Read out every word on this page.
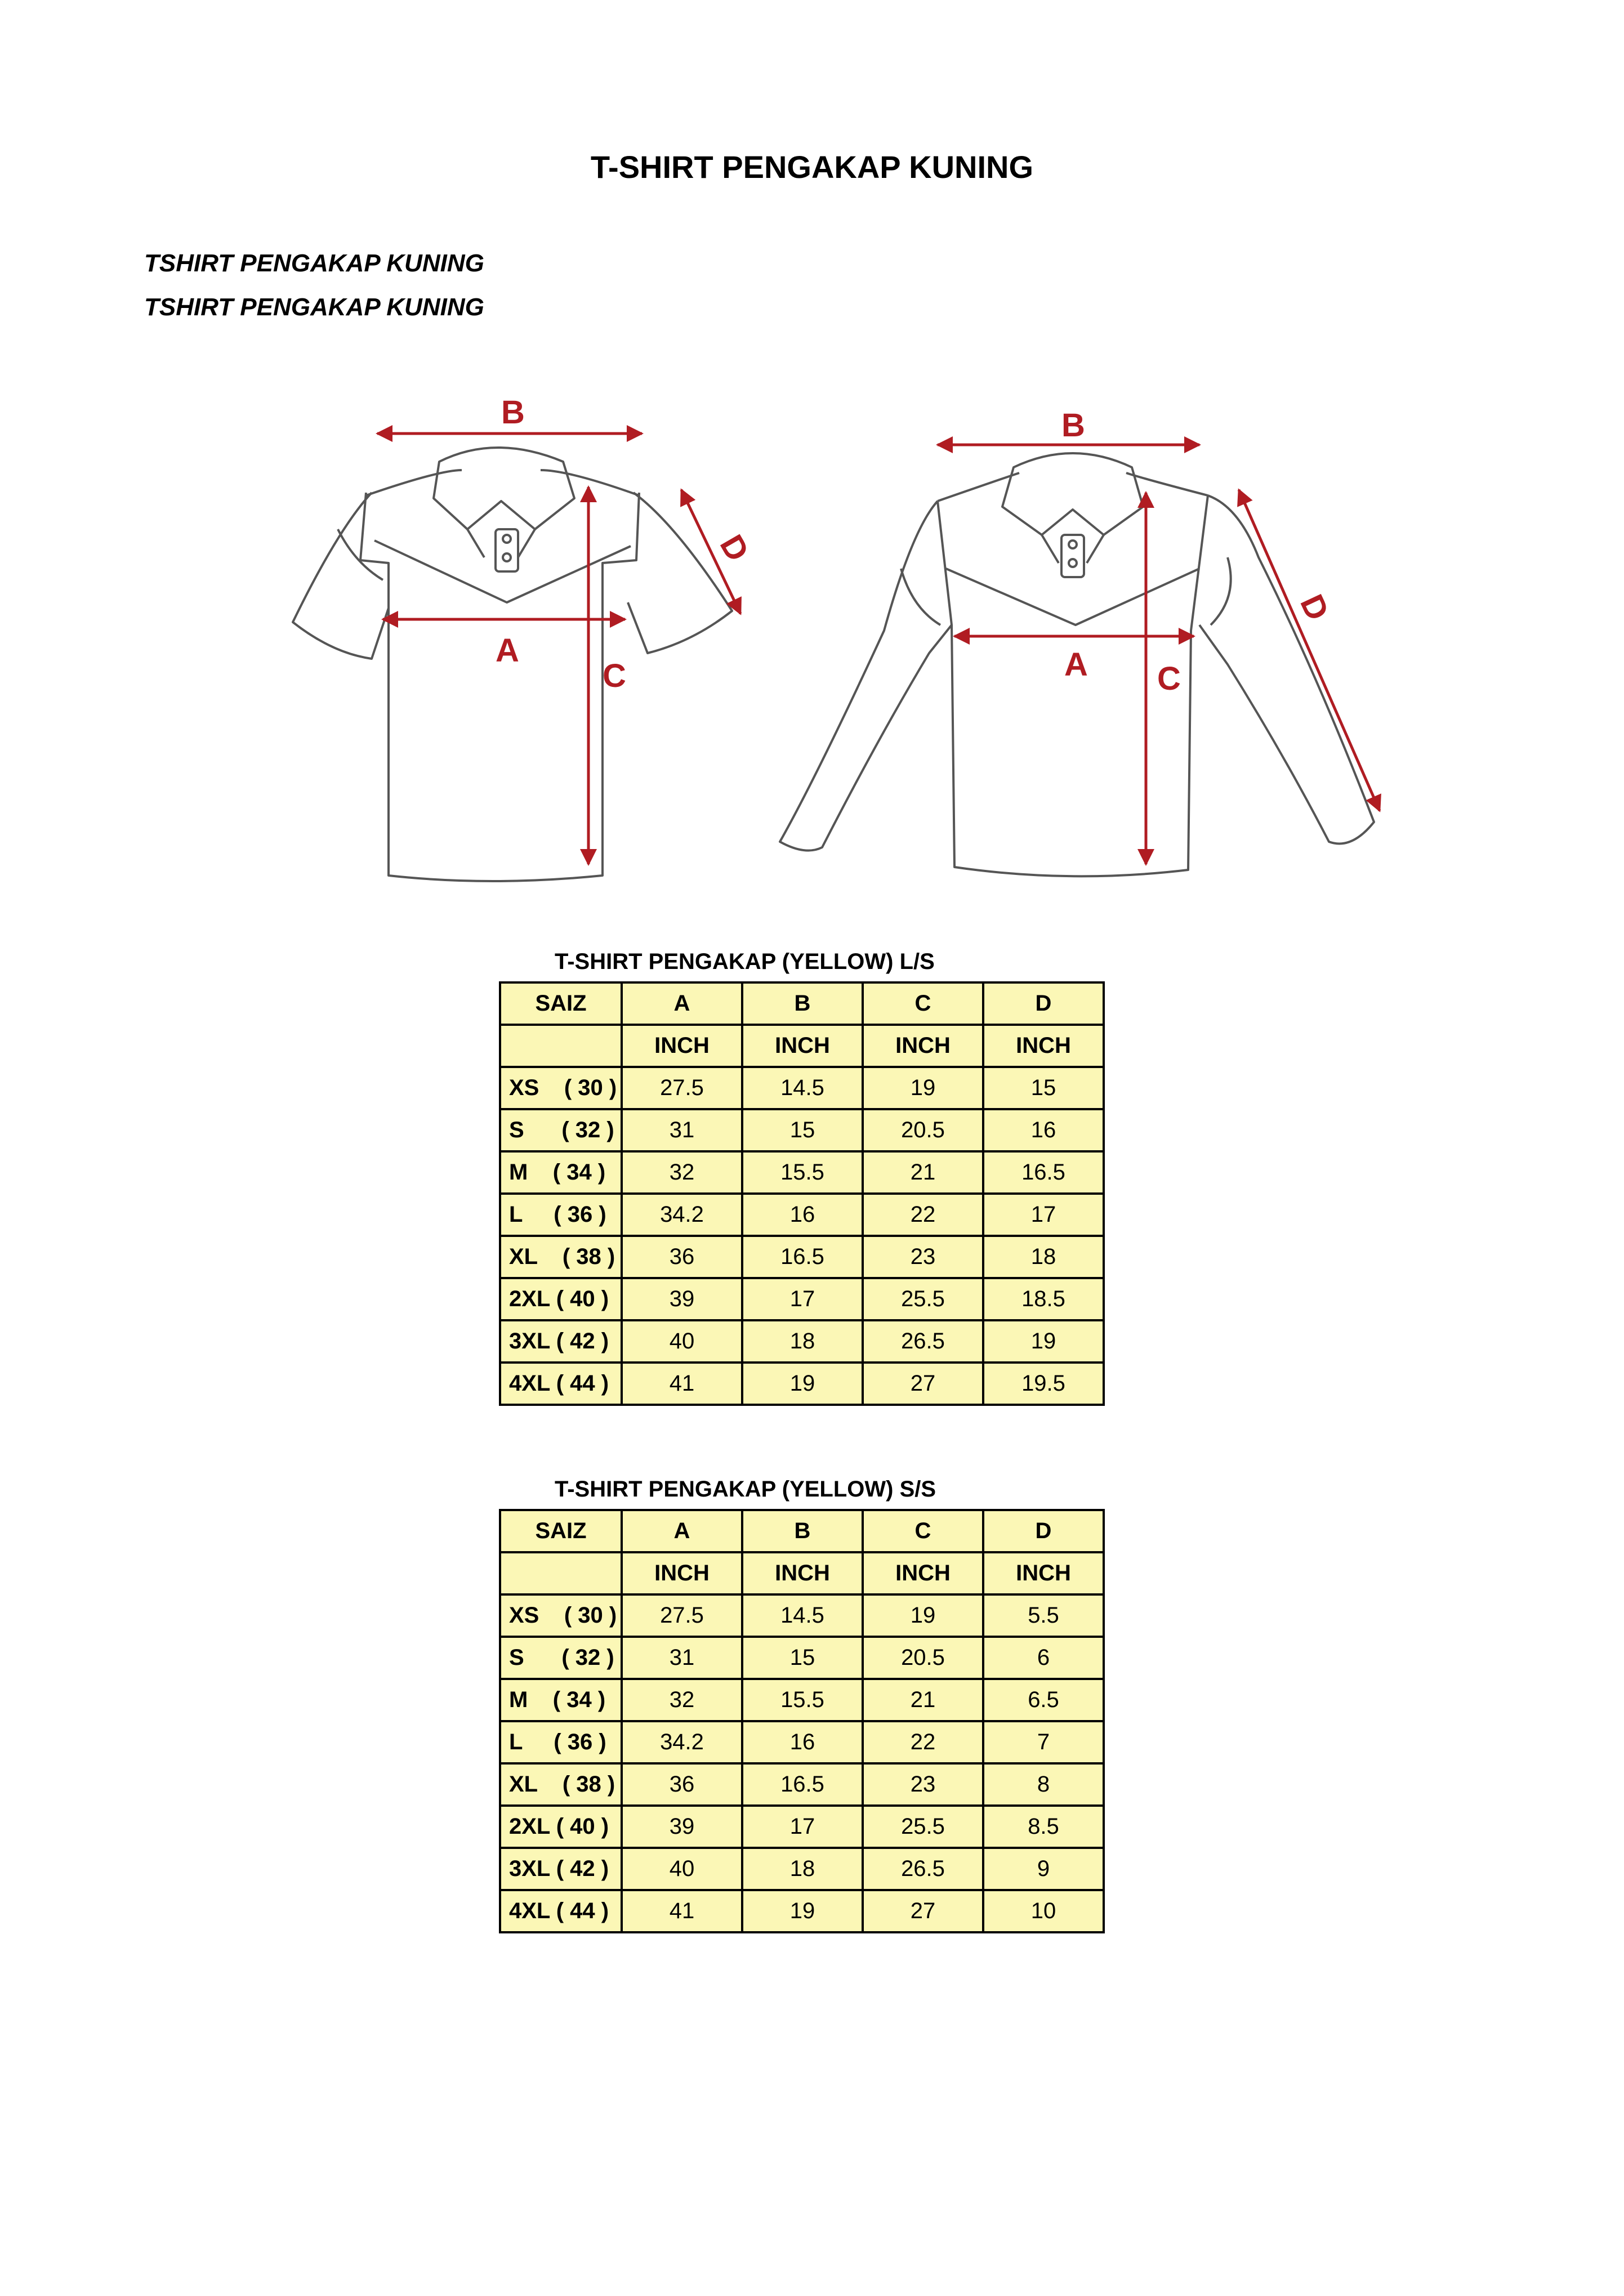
T-SHIRT PENGAKAP KUNING
TSHIRT PENGAKAP KUNING
TSHIRT PENGAKAP KUNING
B
A
C
D
B
A C
D
T-SHIRT PENGAKAP (YELLOW) L/S
SAIZ	A	B	C	D
	INCH	INCH	INCH	INCH
XS    ( 30 )	27.5	14.5	19	15
S      ( 32 )	31	15	20.5	16
M    ( 34 )	32	15.5	21	16.5
L     ( 36 )	34.2	16	22	17
XL    ( 38 )	36	16.5	23	18
2XL ( 40 )	39	17	25.5	18.5
3XL ( 42 )	40	18	26.5	19
4XL ( 44 )	41	19	27	19.5
T-SHIRT PENGAKAP (YELLOW) S/S
SAIZ	A	B	C	D
	INCH	INCH	INCH	INCH
XS    ( 30 )	27.5	14.5	19	5.5
S      ( 32 )	31	15	20.5	6
M    ( 34 )	32	15.5	21	6.5
L     ( 36 )	34.2	16	22	7
XL    ( 38 )	36	16.5	23	8
2XL ( 40 )	39	17	25.5	8.5
3XL ( 42 )	40	18	26.5	9
4XL ( 44 )	41	19	27	10
